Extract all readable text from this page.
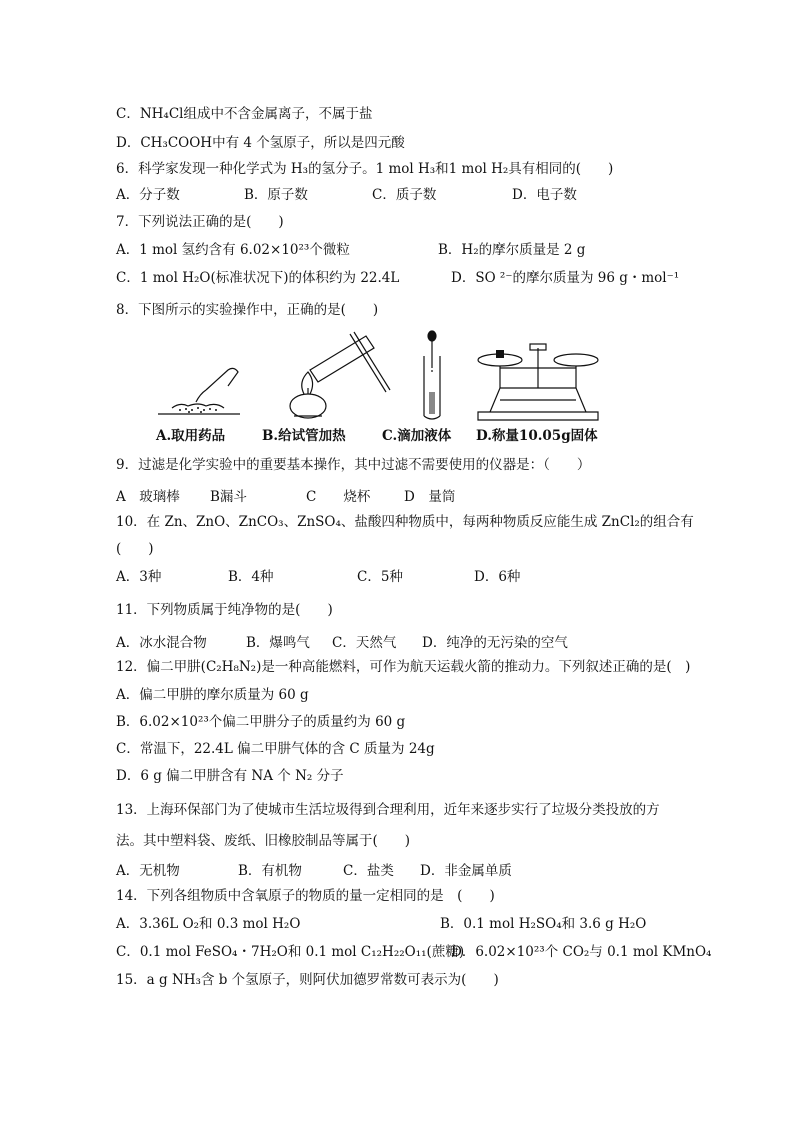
C．NH₄Cl组成中不含金属离子，不属于盐
D．CH₃COOH中有 4 个氢原子，所以是四元酸
6．科学家发现一种化学式为 H₃的氢分子。1 mol H₃和1 mol H₂具有相同的(　　)
A．分子数	B．原子数	C．质子数	D．电子数
7．下列说法正确的是(　　)
A．1 mol 氢约含有 6.02×10²³个微粒	B．H₂的摩尔质量是 2 g
C．1 mol H₂O(标准状况下)的体积约为 22.4L	D．SO ²⁻的摩尔质量为 96 g・mol⁻¹
8．下图所示的实验操作中，正确的是(　　)
A.取用药品	B.给试管加热	C.滴加液体 D.称量10.05g固体
9．过滤是化学实验中的重要基本操作，其中过滤不需要使用的仪器是：（　　）
A　玻璃棒 B漏斗	C　　烧杯 D　量筒
10．在 Zn、ZnO、ZnCO₃、ZnSO₄、盐酸四种物质中，每两种物质反应能生成 ZnCl₂的组合有
(　　)
A．3种	B．4种	C．5种	D．6种
11．下列物质属于纯净物的是(　　)
A．冰水混合物	B．爆鸣气 C．天然气 D．纯净的无污染的空气
12．偏二甲肼(C₂H₈N₂)是一种高能燃料，可作为航天运载火箭的推动力。下列叙述正确的是(　)
A．偏二甲肼的摩尔质量为 60 g
B．6.02×10²³个偏二甲肼分子的质量约为 60 g
C．常温下，22.4L 偏二甲肼气体的含 C 质量为 24g
D．6 g 偏二甲肼含有 NA 个 N₂ 分子
13．上海环保部门为了使城市生活垃圾得到合理利用，近年来逐步实行了垃圾分类投放的方
法。其中塑料袋、废纸、旧橡胶制品等属于(　　)
A．无机物	B．有机物	C．盐类 D．非金属单质
14．下列各组物质中含氧原子的物质的量一定相同的是　(　　)
A．3.36L O₂和 0.3 mol H₂O	B．0.1 mol H₂SO₄和 3.6 g H₂O
C．0.1 mol FeSO₄・7H₂O和 0.1 mol C₁₂H₂₂O₁₁(蔗糖)
D．6.02×10²³个 CO₂与 0.1 mol KMnO₄
15．a g NH₃含 b 个氢原子，则阿伏加德罗常数可表示为(　　)
